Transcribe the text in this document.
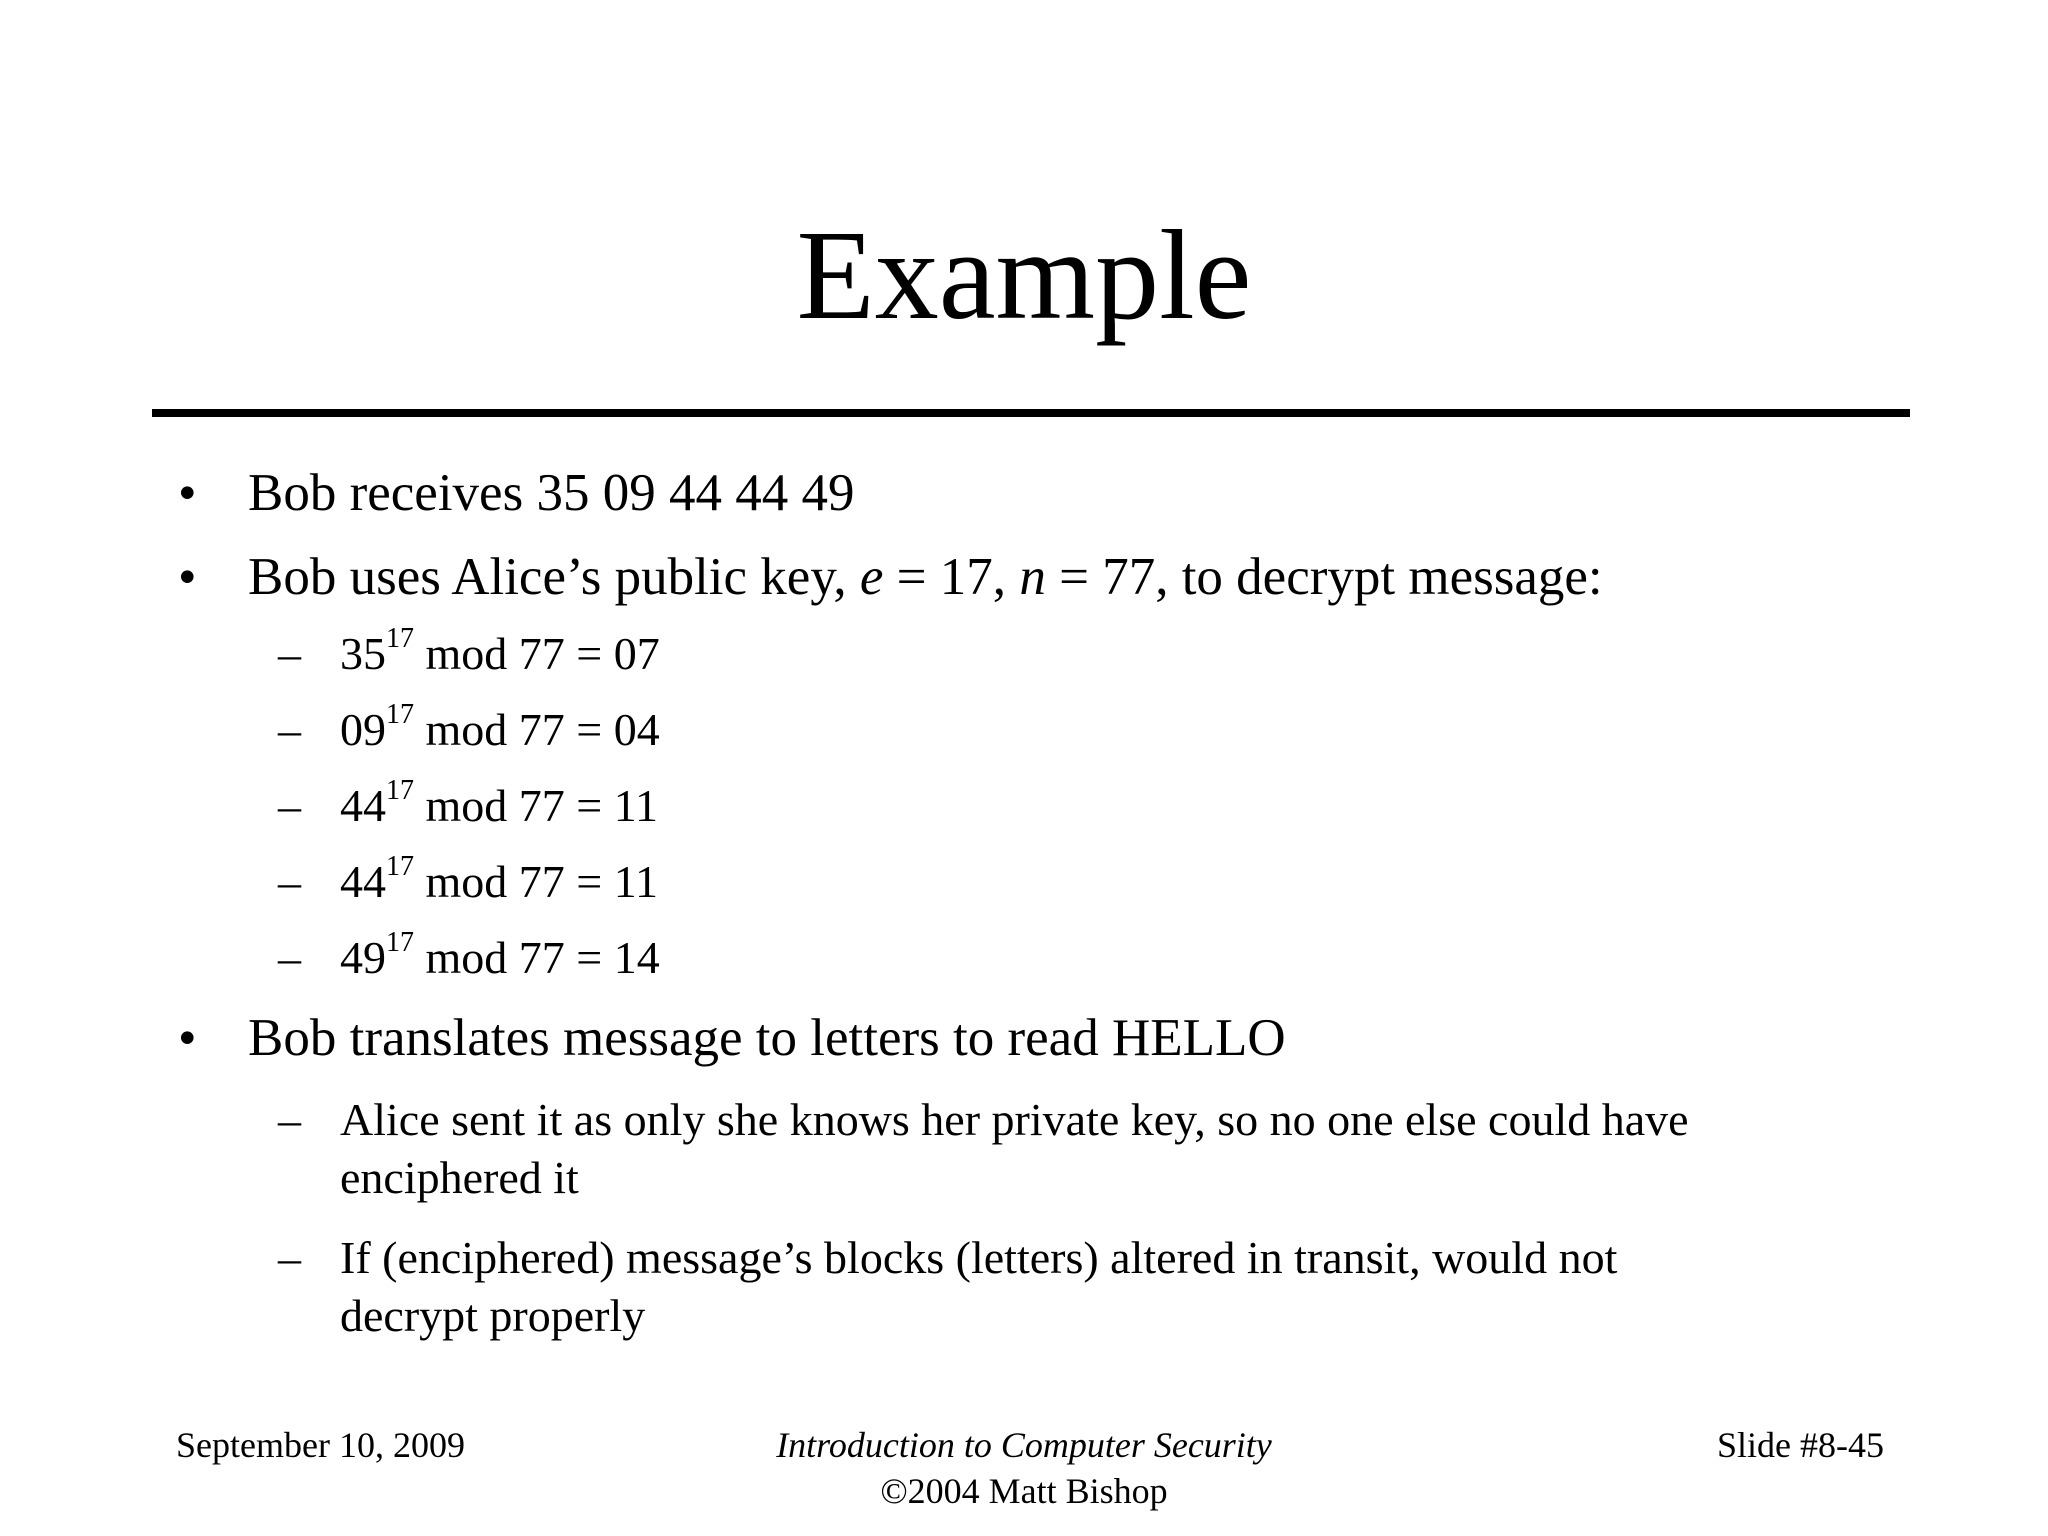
Example
• Bob receives 35 09 44 44 49
• Bob uses Alice’s public key, e = 17, n = 77, to decrypt message:
– $35^{17}$ mod 77 = 07
– $09^{17}$ mod 77 = 04
– $44^{17}$ mod 77 = 11
– $44^{17}$ mod 77 = 11
– $49^{17}$ mod 77 = 14
• Bob translates message to letters to read HELLO
– Alice sent it as only she knows her private key, so no one else could have
enciphered it
– If (enciphered) message’s blocks (letters) altered in transit, would not
decrypt properly
September 10, 2009	Introduction to Computer Security
©2004 Matt Bishop
Slide #8-45
